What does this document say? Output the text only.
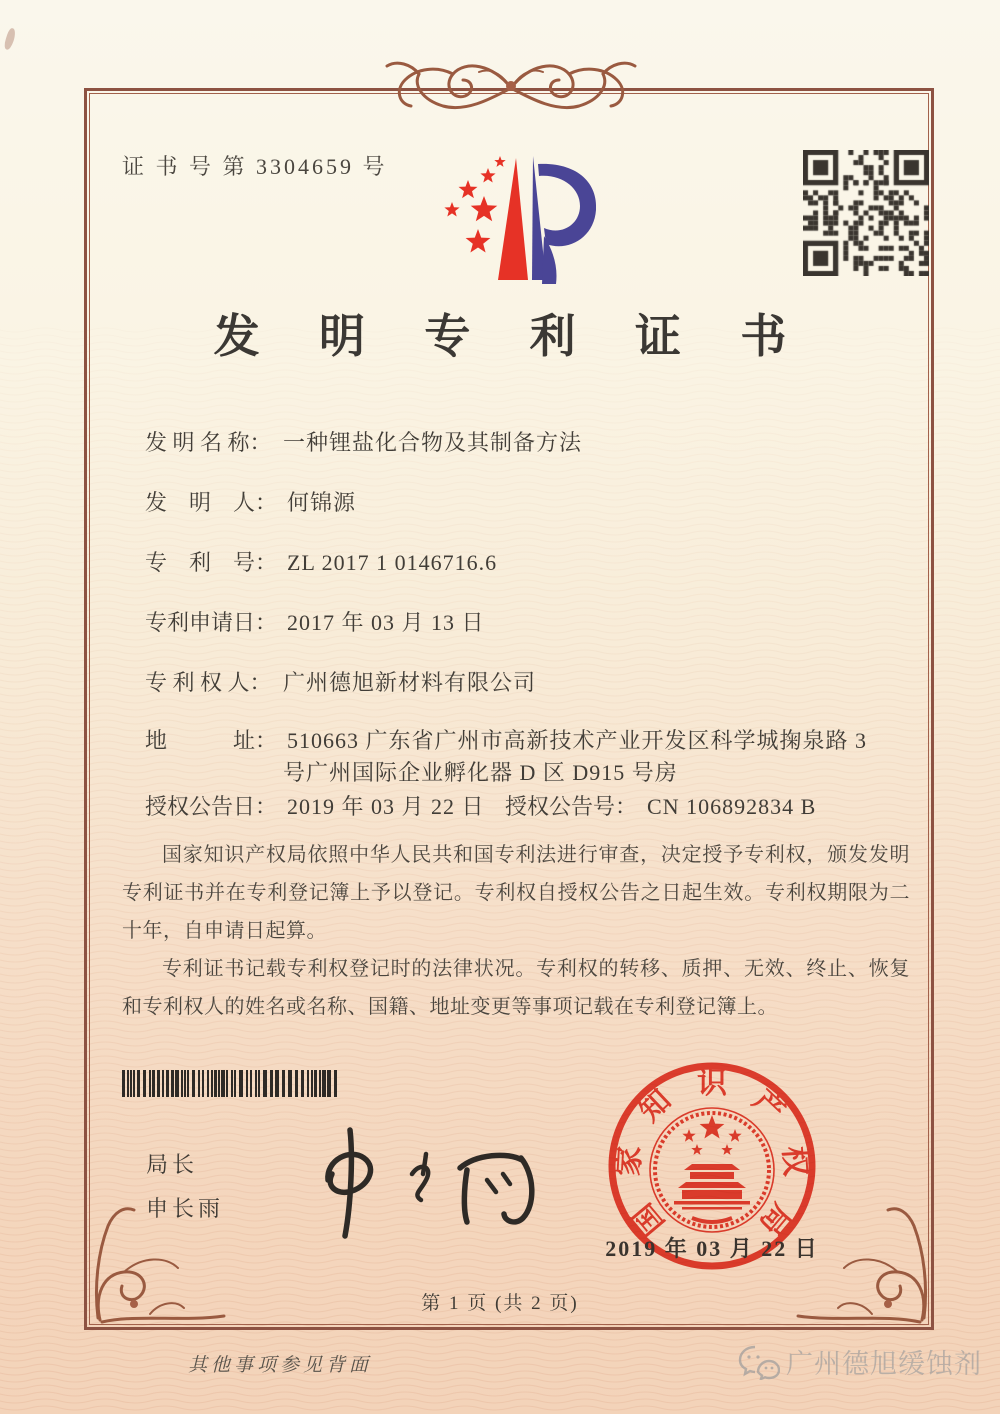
证 书 号 第 3304659 号
发 明 专 利 证 书
发 明 名 称： 一种锂盐化合物及其制备方法
发　明　人： 何锦源
专　利　号： ZL 2017 1 0146716.6
专利申请日： 2017 年 03 月 13 日
专 利 权 人： 广州德旭新材料有限公司
地　　　址： 510663 广东省广州市高新技术产业开发区科学城掬泉路 3
号广州国际企业孵化器 D 区 D915 号房
授权公告日： 2019 年 03 月 22 日 授权公告号： CN 106892834 B

国家知识产权局依照中华人民共和国专利法进行审查，决定授予专利权，颁发发明专利证书并在专利登记簿上予以登记。专利权自授权公告之日起生效。专利权期限为二十年，自申请日起算。

专利证书记载专利权登记时的法律状况。专利权的转移、质押、无效、终止、恢复和专利权人的姓名或名称、国籍、地址变更等事项记载在专利登记簿上。

局长
申长雨	国
家
知
识
产
权
局
2019 年 03 月 22 日
第 1 页 (共 2 页)
其他事项参见背面	广州德旭缓蚀剂
